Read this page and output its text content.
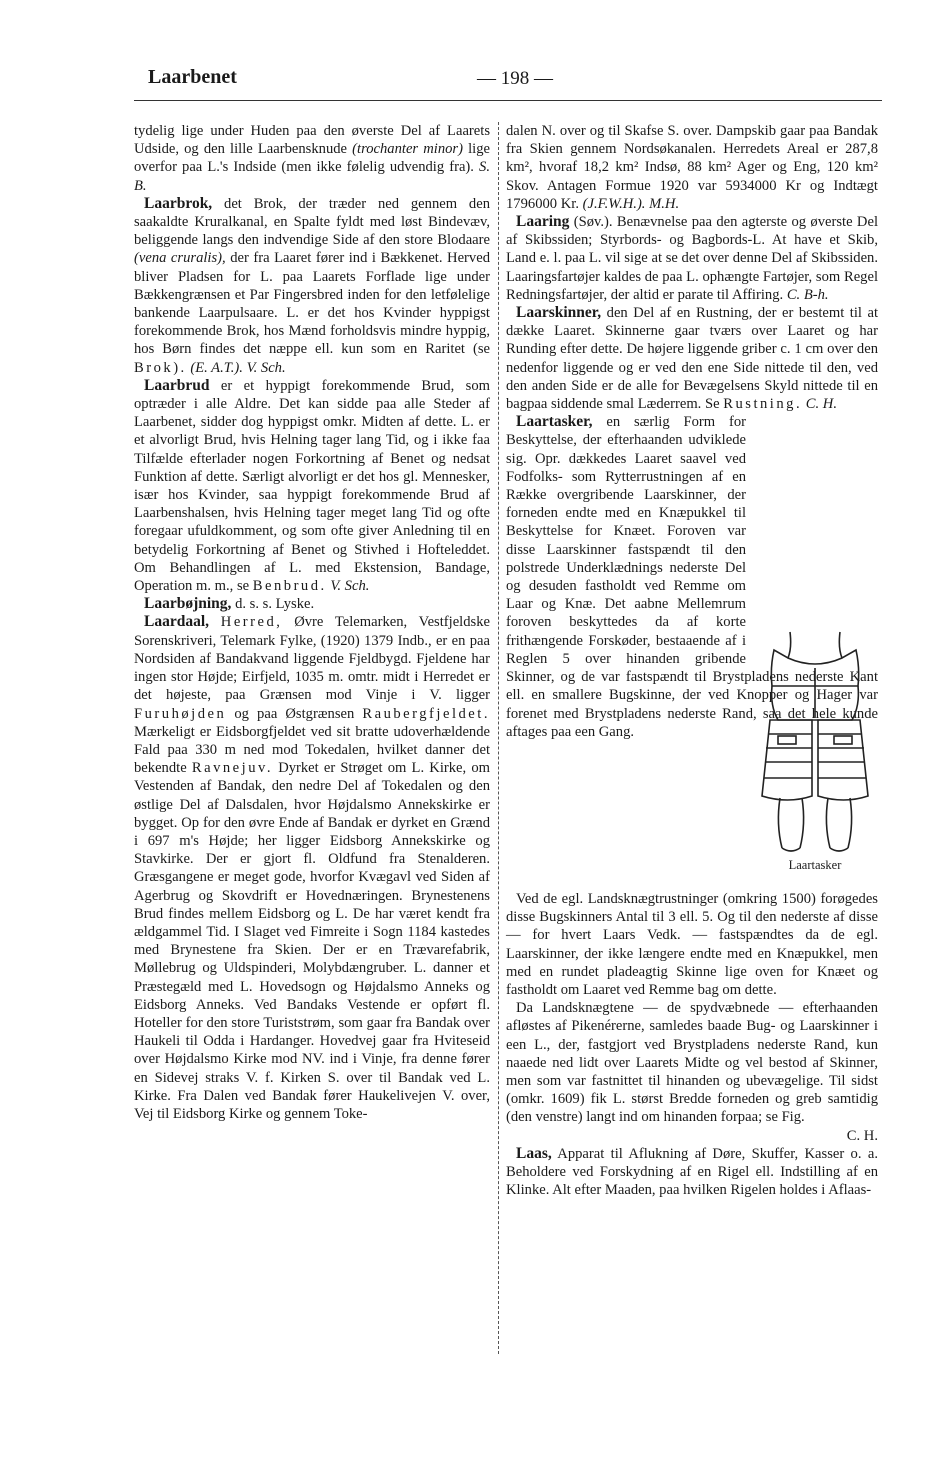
— 198 —
Laarbenet

tydelig lige under Huden paa den øverste Del af Laarets Udside, og den lille Laarbensknude (trochanter minor) lige overfor paa L.'s Indside (men ikke følelig udvendig fra). S. B.

Laarbrok, det Brok, der træder ned gennem den saakaldte Kruralkanal, en Spalte fyldt med løst Bindevæv, beliggende langs den indvendige Side af den store Blodaare (vena cruralis), der fra Laaret fører ind i Bækkenet. Herved bliver Pladsen for L. paa Laarets Forflade lige under Bækkengrænsen et Par Fingersbred inden for den letfølelige bankende Laarpulsaare. L. er det hos Kvinder hyppigst forekommende Brok, hos Mænd forholdsvis mindre hyppig, hos Børn findes det næppe ell. kun som en Raritet (se Brok). (E. A.T.). V. Sch.

Laarbrud er et hyppigt forekommende Brud, som optræder i alle Aldre. Det kan sidde paa alle Steder af Laarbenet, sidder dog hyppigst omkr. Midten af dette. L. er et alvorligt Brud, hvis Helning tager lang Tid, og i ikke faa Tilfælde efterlader nogen Forkortning af Benet og nedsat Funktion af dette. Særligt alvorligt er det hos gl. Mennesker, især hos Kvinder, saa hyppigt forekommende Brud af Laarbenshalsen, hvis Helning tager meget lang Tid og ofte foregaar ufuldkomment, og som ofte giver Anledning til en betydelig Forkortning af Benet og Stivhed i Hofteleddet. Om Behandlingen af L. med Ekstension, Bandage, Operation m. m., se Benbrud. V. Sch.

Laarbøjning, d. s. s. Lyske.

Laardaal, Herred, Øvre Telemarken, Vestfjeldske Sorenskriveri, Telemark Fylke, (1920) 1379 Indb., er en paa Nordsiden af Bandakvand liggende Fjeldbygd. Fjeldene har ingen stor Højde; Eirfjeld, 1035 m. omtr. midt i Herredet er det højeste, paa Grænsen mod Vinje i V. ligger Furuhøjden og paa Østgrænsen Raubergfjeldet. Mærkeligt er Eidsborgfjeldet ved sit bratte udoverhældende Fald paa 330 m ned mod Tokedalen, hvilket danner det bekendte Ravnejuv. Dyrket er Strøget om L. Kirke, om Vestenden af Bandak, den nedre Del af Tokedalen og den østlige Del af Dalsdalen, hvor Højdalsmo Annekskirke er bygget. Op for den øvre Ende af Bandak er dyrket en Grænd i 697 m's Højde; her ligger Eidsborg Annekskirke og Stavkirke. Der er gjort fl. Oldfund fra Stenalderen. Græsgangene er meget gode, hvorfor Kvægavl ved Siden af Agerbrug og Skovdrift er Hovednæringen. Brynestenens Brud findes mellem Eidsborg og L. De har været kendt fra ældgammel Tid. I Slaget ved Fimreite i Sogn 1184 kastedes med Brynestene fra Skien. Der er en Trævarefabrik, Møllebrug og Uldspinderi, Molybdængruber. L. danner et Præstegæld med L. Hovedsogn og Højdalsmo Anneks og Eidsborg Anneks. Ved Bandaks Vestende er opført fl. Hoteller for den store Turiststrøm, som gaar fra Bandak over Haukeli til Odda i Hardanger. Hovedvej gaar fra Hviteseid over Højdalsmo Kirke mod NV. ind i Vinje, fra denne fører en Sidevej straks V. f. Kirken S. over til Bandak ved L. Kirke. Fra Dalen ved Bandak fører Haukelivejen V. over, Vej til Eidsborg Kirke og gennem Toke-

dalen N. over og til Skafse S. over. Dampskib gaar paa Bandak fra Skien gennem Nordsøkanalen. Herredets Areal er 287,8 km², hvoraf 18,2 km² Indsø, 88 km² Ager og Eng, 120 km² Skov. Antagen Formue 1920 var 5934000 Kr og Indtægt 1796000 Kr. (J.F.W.H.). M.H.

Laaring (Søv.). Benævnelse paa den agterste og øverste Del af Skibssiden; Styrbords- og Bagbords-L. At have et Skib, Land e. l. paa L. vil sige at se det over denne Del af Skibssiden. Laaringsfartøjer kaldes de paa L. ophængte Fartøjer, som Regel Redningsfartøjer, der altid er parate til Affiring. C. B-h.

Laarskinner, den Del af en Rustning, der er bestemt til at dække Laaret. Skinnerne gaar tværs over Laaret og har Runding efter dette. De højere liggende griber c. 1 cm over den nedenfor liggende og er ved den ene Side nittede til den, ved den anden Side er de alle for Bevægelsens Skyld nittede til en bagpaa siddende smal Læderrem. Se Rustning. C. H.

Laartasker,
en særlig Form for Beskyttelse, der efterhaanden udviklede sig. Opr. dækkedes Laaret saavel ved Fodfolks- som Rytterrustningen af en Række overgribende Laarskinner, der forneden endte med en Knæpukkel til Beskyttelse for Knæet. Foroven var disse Laarskinner fastspændt til den polstrede Underklædnings nederste Del og desuden fastholdt ved Remme om Laar og Knæ. Det aabne Mellemrum foroven beskyttedes da af korte frithængende Forskøder, bestaaende af i Reglen 5 over hinanden gribende Skinner, og de var fastspændt til Brystpladens nederste Kant ell. en smallere Bugskinne, der ved Knopper og Hager var forenet med Brystpladens nederste Rand, saa det hele kunde aftages paa een Gang.

Laartasker

Ved de egl. Landsknægtrustninger (omkring 1500) forøgedes disse Bugskinners Antal til 3 ell. 5. Og til den nederste af disse — for hvert Laars Vedk. — fastspændtes da de egl. Laarskinner, der ikke længere endte med en Knæpukkel, men med en rundet pladeagtig Skinne lige oven for Knæet og fastholdt om Laaret ved Remme bag om dette.

Da Landsknægtene — de spydvæbnede — efterhaanden afløstes af Pikenérerne, samledes baade Bug- og Laarskinner i een L., der, fastgjort ved Brystpladens nederste Rand, kun naaede ned lidt over Laarets Midte og vel bestod af Skinner, men som var fastnittet til hinanden og ubevægelige. Til sidst (omkr. 1609) fik L. størst Bredde forneden og greb samtidig (den venstre) langt ind om hinanden forpaa; se Fig.

C. H.

Laas, Apparat til Aflukning af Døre, Skuffer, Kasser o. a. Beholdere ved Forskydning af en Rigel ell. Indstilling af en Klinke. Alt efter Maaden, paa hvilken Rigelen holdes i Aflaas-
